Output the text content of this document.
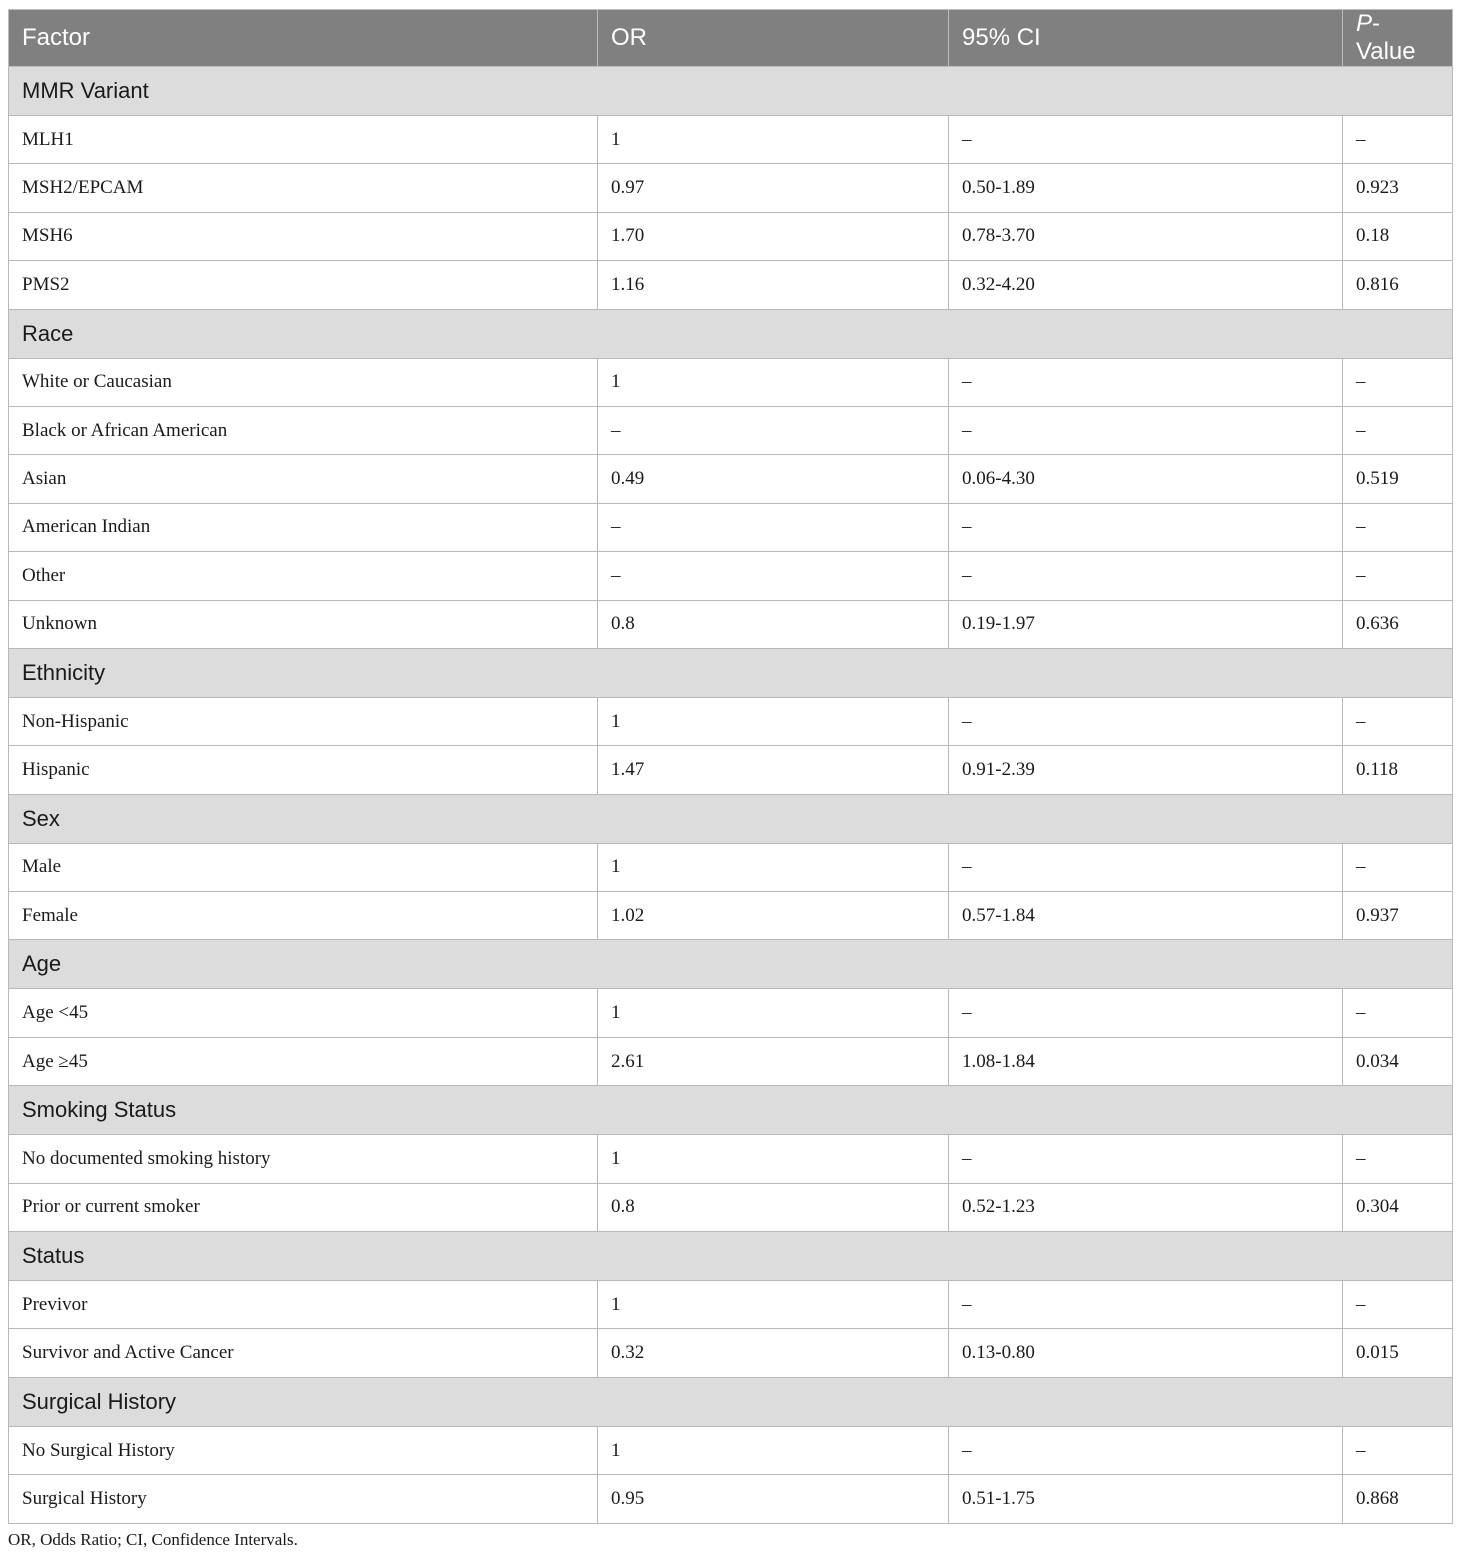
Factor	OR	95% CI	P-Value
MMR Variant			
MLH1	1	–	–
MSH2/EPCAM	0.97	0.50-1.89	0.923
MSH6	1.70	0.78-3.70	0.18
PMS2	1.16	0.32-4.20	0.816
Race			
White or Caucasian	1	–	–
Black or African American	–	–	–
Asian	0.49	0.06-4.30	0.519
American Indian	–	–	–
Other	–	–	–
Unknown	0.8	0.19-1.97	0.636
Ethnicity			
Non-Hispanic	1	–	–
Hispanic	1.47	0.91-2.39	0.118
Sex			
Male	1	–	–
Female	1.02	0.57-1.84	0.937
Age			
Age <45	1	–	–
Age ≥45	2.61	1.08-1.84	0.034
Smoking Status			
No documented smoking history	1	–	–
Prior or current smoker	0.8	0.52-1.23	0.304
Status			
Previvor	1	–	–
Survivor and Active Cancer	0.32	0.13-0.80	0.015
Surgical History			
No Surgical History	1	–	–
Surgical History	0.95	0.51-1.75	0.868
OR, Odds Ratio; CI, Confidence Intervals.
